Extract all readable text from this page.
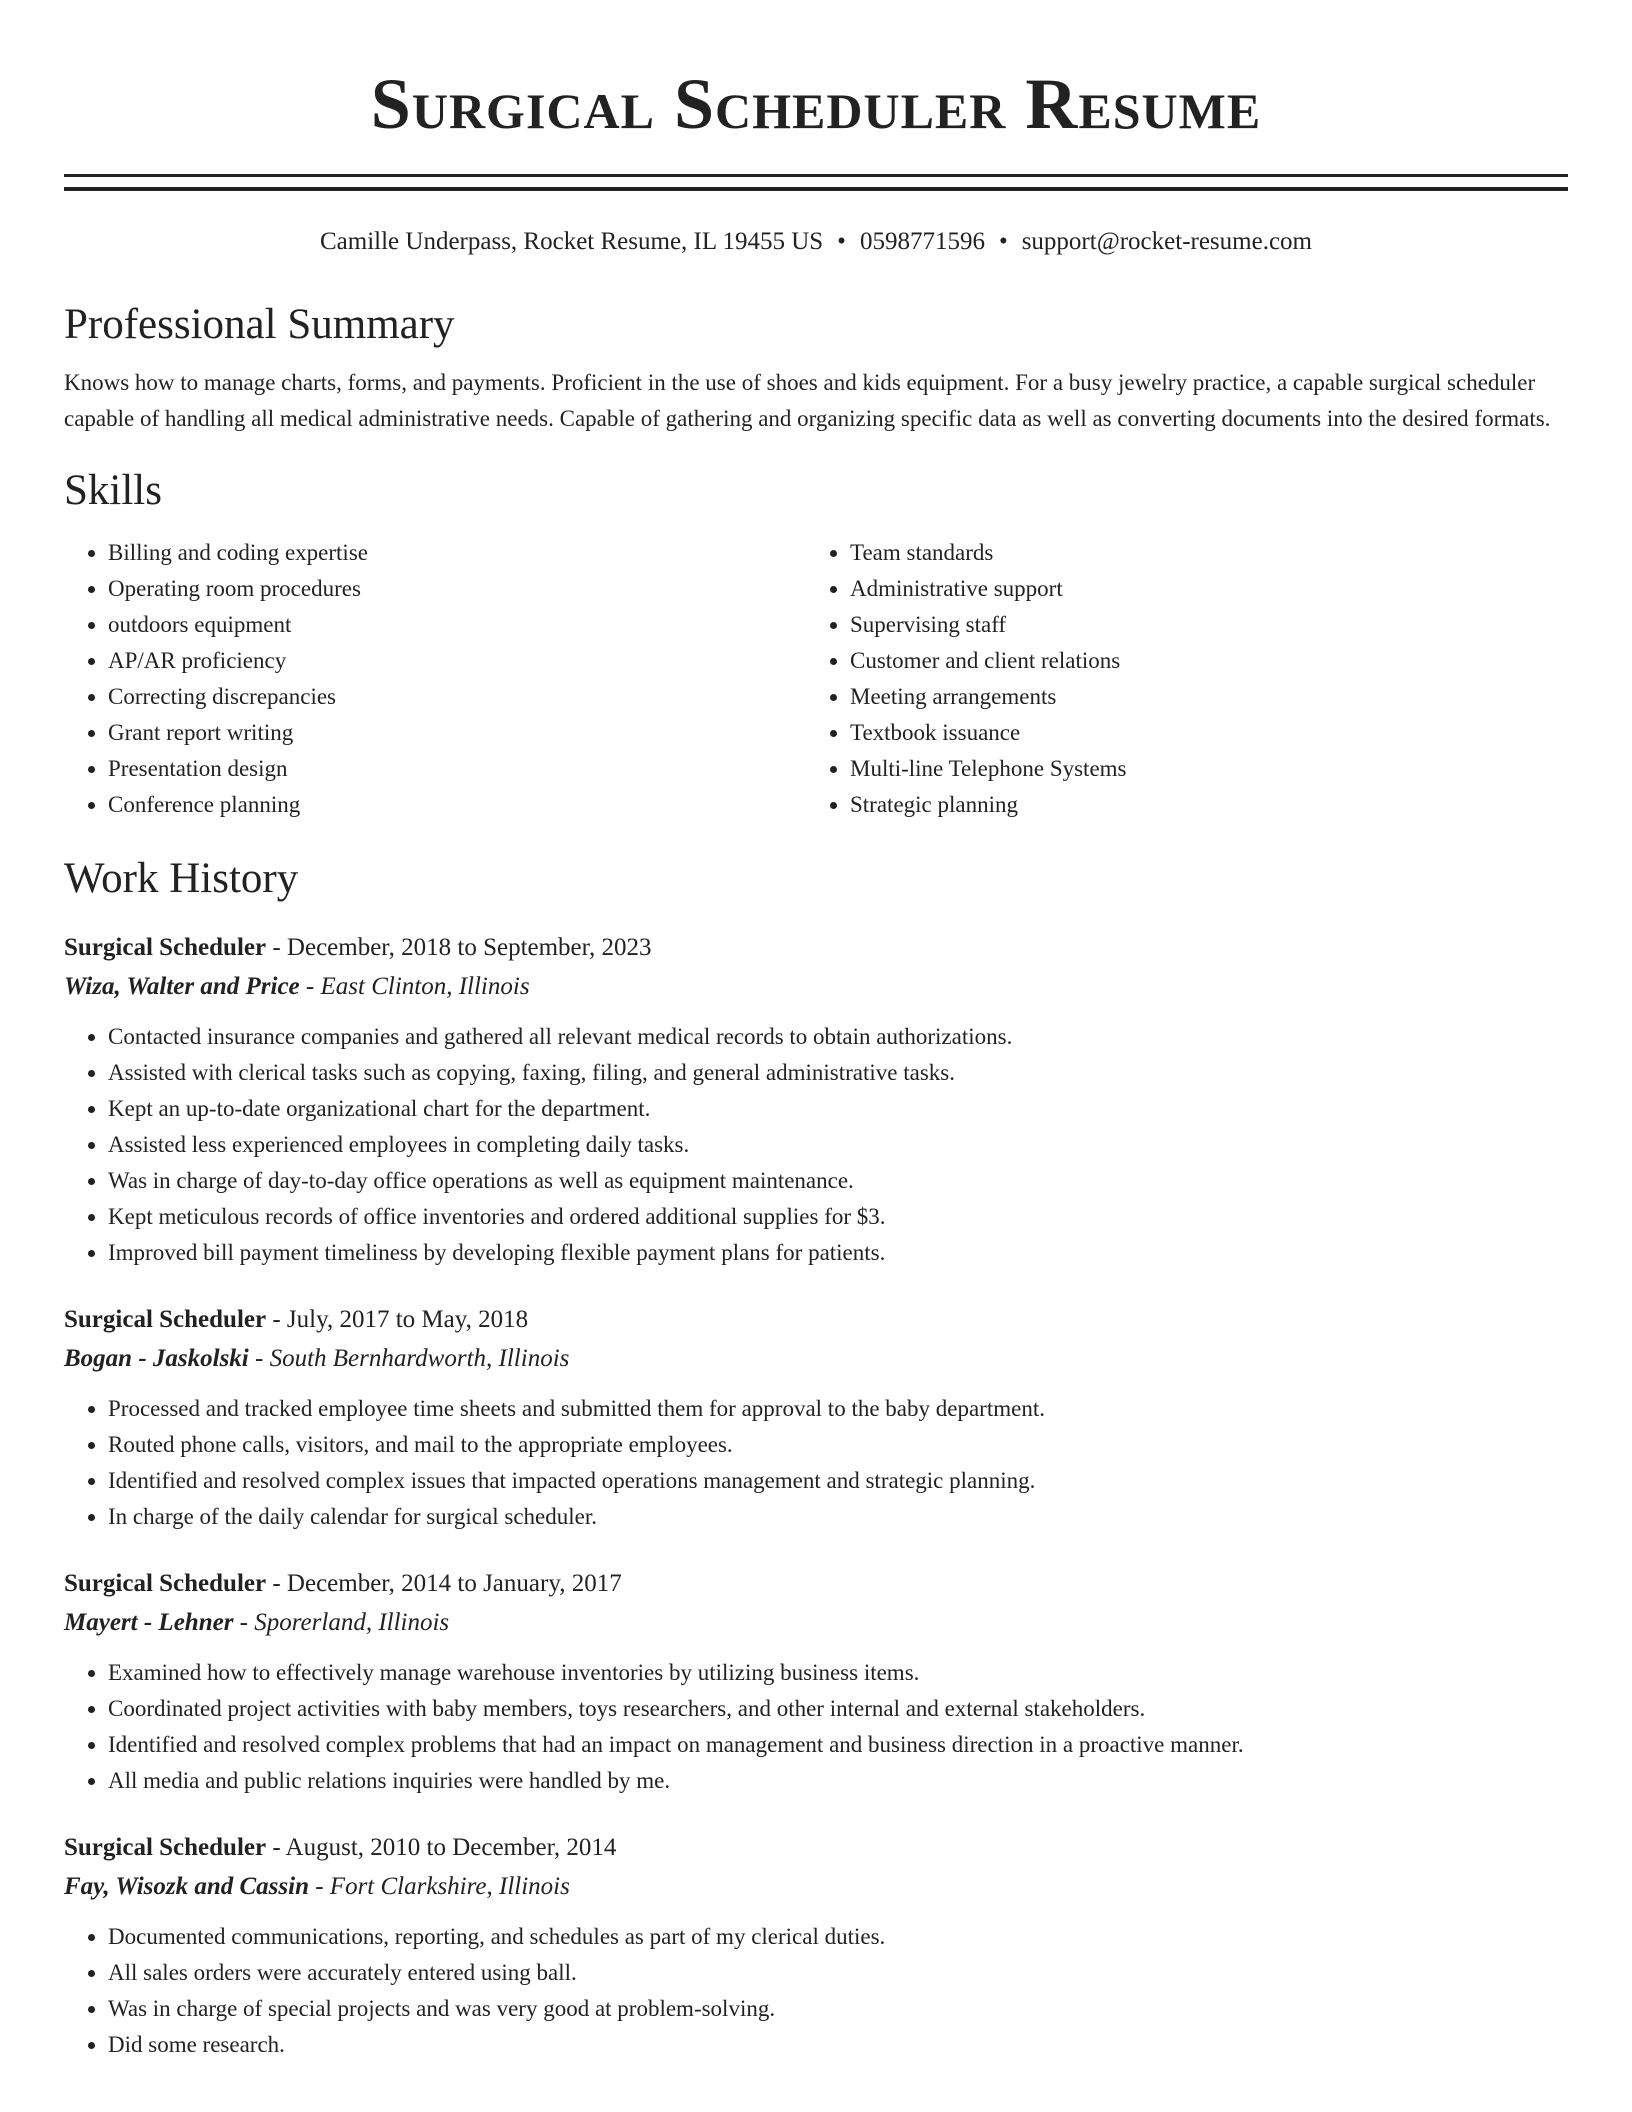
Surgical Scheduler Resume
Camille Underpass, Rocket Resume, IL 19455 US • 0598771596 • support@rocket-resume.com
Professional Summary

Knows how to manage charts, forms, and payments. Proficient in the use of shoes and kids equipment. For a busy jewelry practice, a capable surgical scheduler capable of handling all medical administrative needs. Capable of gathering and organizing specific data as well as converting documents into the desired formats.

Skills
• Billing and coding expertise
• Operating room procedures
• outdoors equipment
• AP/AR proficiency
• Correcting discrepancies
• Grant report writing
• Presentation design
• Conference planning
• Team standards
• Administrative support
• Supervising staff
• Customer and client relations
• Meeting arrangements
• Textbook issuance
• Multi-line Telephone Systems
• Strategic planning
Work History
Surgical Scheduler - December, 2018 to September, 2023
Wiza, Walter and Price - East Clinton, Illinois
• Contacted insurance companies and gathered all relevant medical records to obtain authorizations.
• Assisted with clerical tasks such as copying, faxing, filing, and general administrative tasks.
• Kept an up-to-date organizational chart for the department.
• Assisted less experienced employees in completing daily tasks.
• Was in charge of day-to-day office operations as well as equipment maintenance.
• Kept meticulous records of office inventories and ordered additional supplies for $3.
• Improved bill payment timeliness by developing flexible payment plans for patients.
Surgical Scheduler - July, 2017 to May, 2018
Bogan - Jaskolski - South Bernhardworth, Illinois
• Processed and tracked employee time sheets and submitted them for approval to the baby department.
• Routed phone calls, visitors, and mail to the appropriate employees.
• Identified and resolved complex issues that impacted operations management and strategic planning.
• In charge of the daily calendar for surgical scheduler.
Surgical Scheduler - December, 2014 to January, 2017
Mayert - Lehner - Sporerland, Illinois
• Examined how to effectively manage warehouse inventories by utilizing business items.
• Coordinated project activities with baby members, toys researchers, and other internal and external stakeholders.
• Identified and resolved complex problems that had an impact on management and business direction in a proactive manner.
• All media and public relations inquiries were handled by me.
Surgical Scheduler - August, 2010 to December, 2014
Fay, Wisozk and Cassin - Fort Clarkshire, Illinois
• Documented communications, reporting, and schedules as part of my clerical duties.
• All sales orders were accurately entered using ball.
• Was in charge of special projects and was very good at problem-solving.
• Did some research.
